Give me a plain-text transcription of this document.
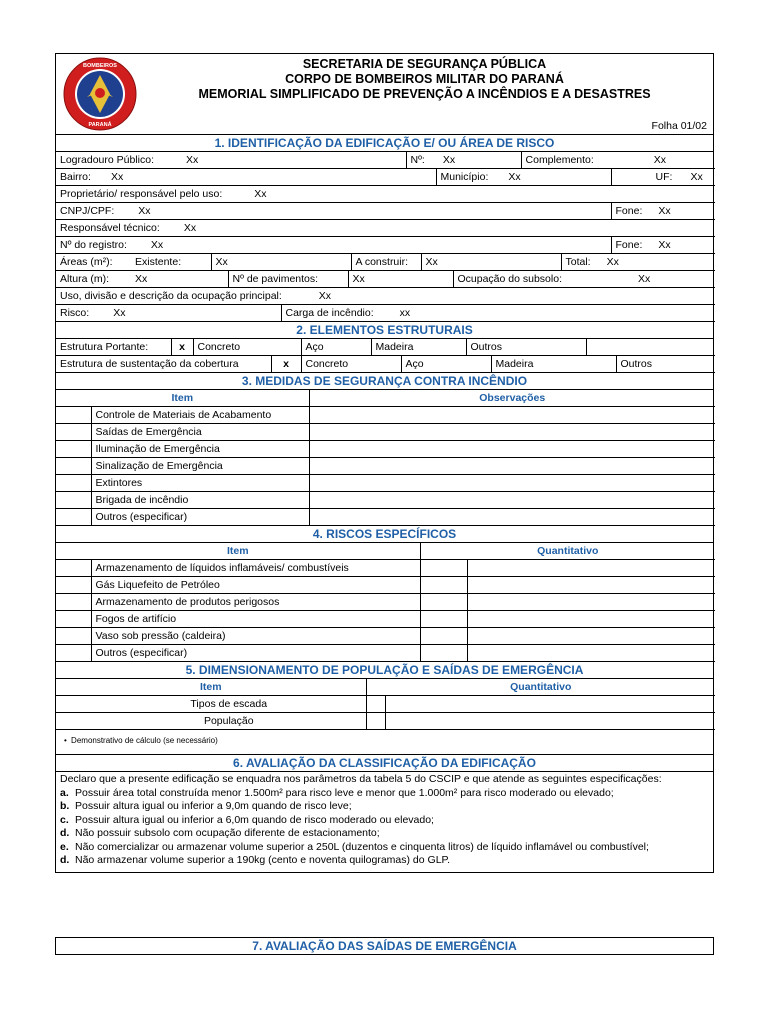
BOMBEIROS
PARANÁ
SECRETARIA DE SEGURANÇA PÚBLICA
CORPO DE BOMBEIROS MILITAR DO PARANÁ
MEMORIAL SIMPLIFICADO DE PREVENÇÃO A INCÊNDIOS E A DESASTRES
Folha 01/02
1. IDENTIFICAÇÃO DA EDIFICAÇÃO E/ OU ÁREA DE RISCO
Logradouro Público: Xx	Nº: Xx		Complemento: Xx	
Bairro: Xx		Município: Xx		UF: Xx
Proprietário/ responsável pelo uso: Xx				
CNPJ/CPF: Xx				Fone: Xx
Responsável técnico: Xx				
Nº do registro: Xx				Fone: Xx
Áreas (m²):	Existente:	Xx	A construir:	Xx	Total: Xx
Altura (m): Xx	Nº de pavimentos:	Xx	Ocupação do subsolo:	Xx
Uso, divisão e descrição da ocupação principal:	Xx
Risco: Xx	Carga de incêndio: xx
2. ELEMENTOS ESTRUTURAIS
Estrutura Portante:	x	Concreto	Aço	Madeira	Outros	
Estrutura de sustentação da cobertura	x	Concreto	Aço	Madeira	Outros
3. MEDIDAS DE SEGURANÇA CONTRA INCÊNDIO
Item		Observações
	Controle de Materiais de Acabamento	
	Saídas de Emergência	
	Iluminação de Emergência	
	Sinalização de Emergência	
	Extintores	
	Brigada de incêndio	
	Outros (especificar)	
4. RISCOS ESPECÍFICOS
Item		Quantitativo	
	Armazenamento de líquidos inflamáveis/ combustíveis		
	Gás Liquefeito de Petróleo		
	Armazenamento de produtos perigosos		
	Fogos de artifício		
	Vaso sob pressão (caldeira)		
	Outros (especificar)		
5. DIMENSIONAMENTO DE POPULAÇÃO E SAÍDAS DE EMERGÊNCIA
Item	Quantitativo	
Tipos de escada		
População		
• Demonstrativo de cálculo (se necessário)
6. AVALIAÇÃO DA CLASSIFICAÇÃO DA EDIFICAÇÃO

Declaro que a presente edificação se enquadra nos parâmetros da tabela 5 do CSCIP e que atende as seguintes especificações:

a. Possuir área total construída menor 1.500m² para risco leve e menor que 1.000m² para risco moderado ou elevado;
b. Possuir altura igual ou inferior a 9,0m quando de risco leve;
c. Possuir altura igual ou inferior a 6,0m quando de risco moderado ou elevado;
d. Não possuir subsolo com ocupação diferente de estacionamento;
e. Não comercializar ou armazenar volume superior a 250L (duzentos e cinquenta litros) de líquido inflamável ou combustível;
d. Não armazenar volume superior a 190kg (cento e noventa quilogramas) do GLP.
7. AVALIAÇÃO DAS SAÍDAS DE EMERGÊNCIA
